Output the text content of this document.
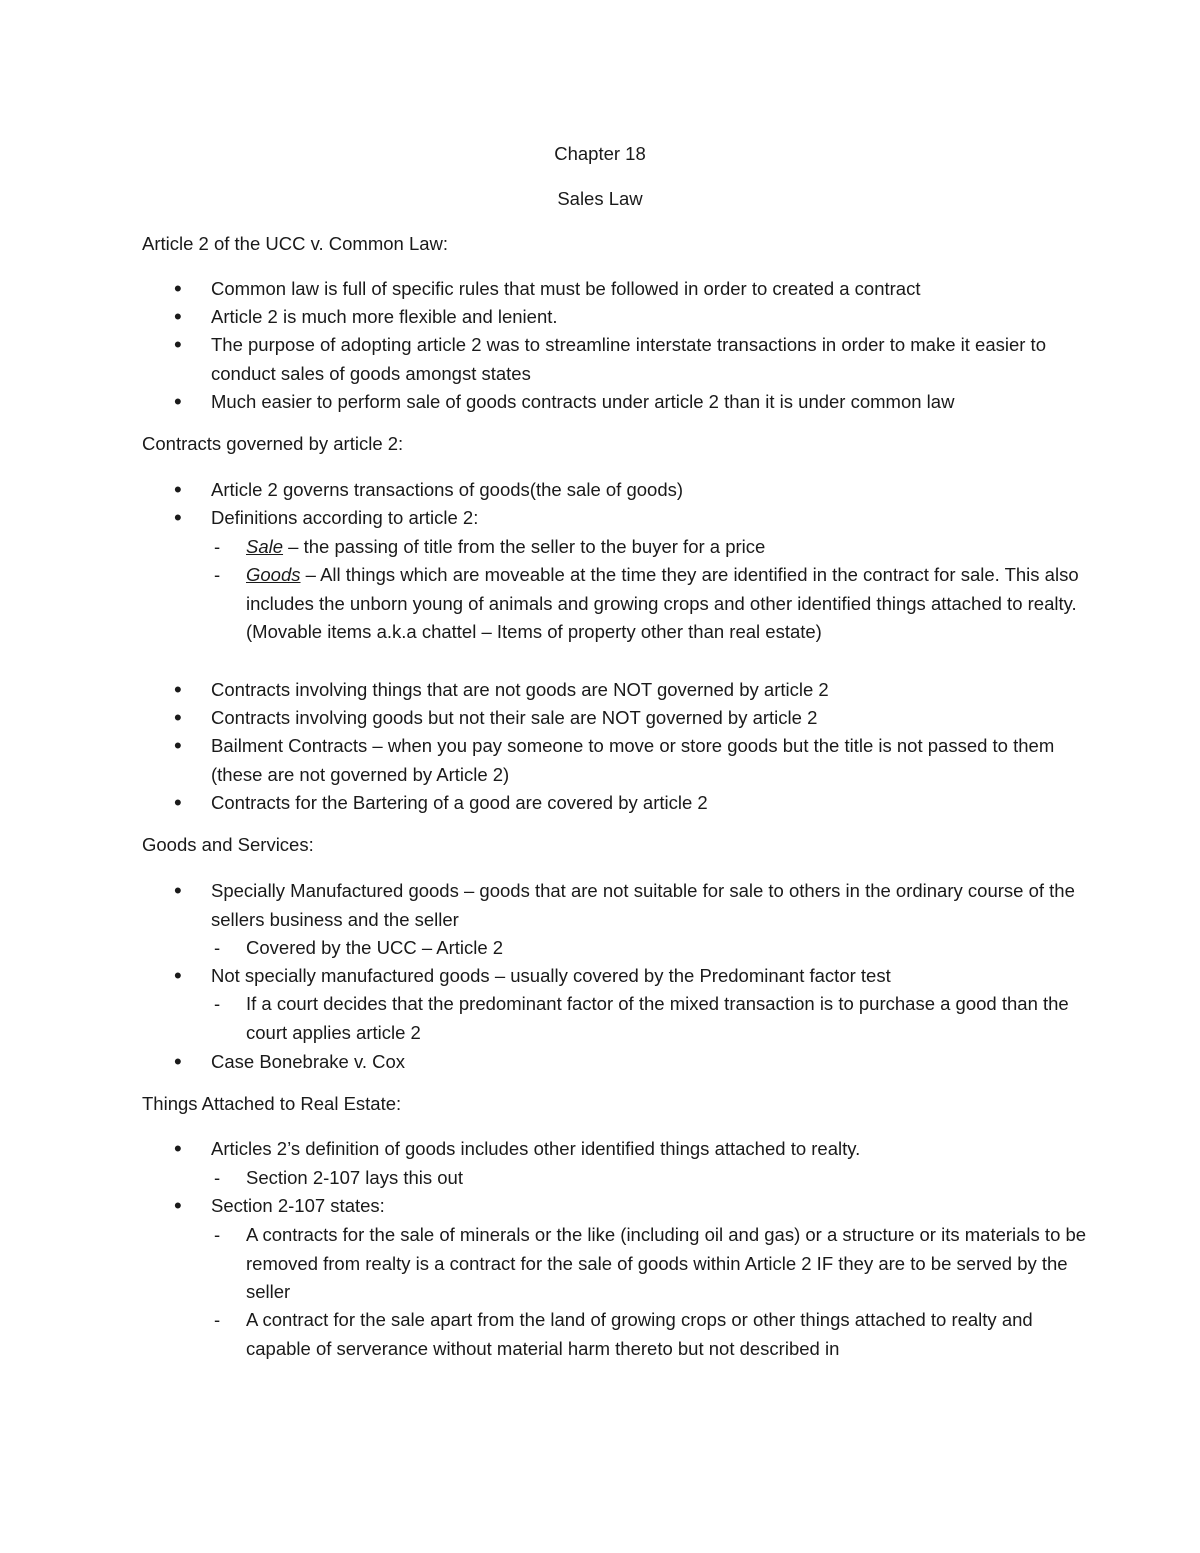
Chapter 18
Sales Law
Article 2 of the UCC v. Common Law:
• Common law is full of specific rules that must be followed in order to created a contract
• Article 2 is much more flexible and lenient.
• The purpose of adopting article 2 was to streamline interstate transactions in order to make it easier to conduct sales of goods amongst states
• Much easier to perform sale of goods contracts under article 2 than it is under common law
Contracts governed by article 2:
• Article 2 governs transactions of goods(the sale of goods)
• Definitions according to article 2:
- Sale – the passing of title from the seller to the buyer for a price
- Goods – All things which are moveable at the time they are identified in the contract for sale. This also includes the unborn young of animals and growing crops and other identified things attached to realty. (Movable items a.k.a chattel – Items of property other than real estate)
• Contracts involving things that are not goods are NOT governed by article 2
• Contracts involving goods but not their sale are NOT governed by article 2
• Bailment Contracts – when you pay someone to move or store goods but the title is not passed to them (these are not governed by Article 2)
• Contracts for the Bartering of a good are covered by article 2
Goods and Services:
• Specially Manufactured goods – goods that are not suitable for sale to others in the ordinary course of the sellers business and the seller
- Covered by the UCC – Article 2
• Not specially manufactured goods – usually covered by the Predominant factor test
- If a court decides that the predominant factor of the mixed transaction is to purchase a good than the court applies article 2
• Case Bonebrake v. Cox
Things Attached to Real Estate:
• Articles 2’s definition of goods includes other identified things attached to realty.
- Section 2-107 lays this out
• Section 2-107 states:
- A contracts for the sale of minerals or the like (including oil and gas) or a structure or its materials to be removed from realty is a contract for the sale of goods within Article 2 IF they are to be served by the seller
- A contract for the sale apart from the land of growing crops or other things attached to realty and capable of serverance without material harm thereto but not described in
